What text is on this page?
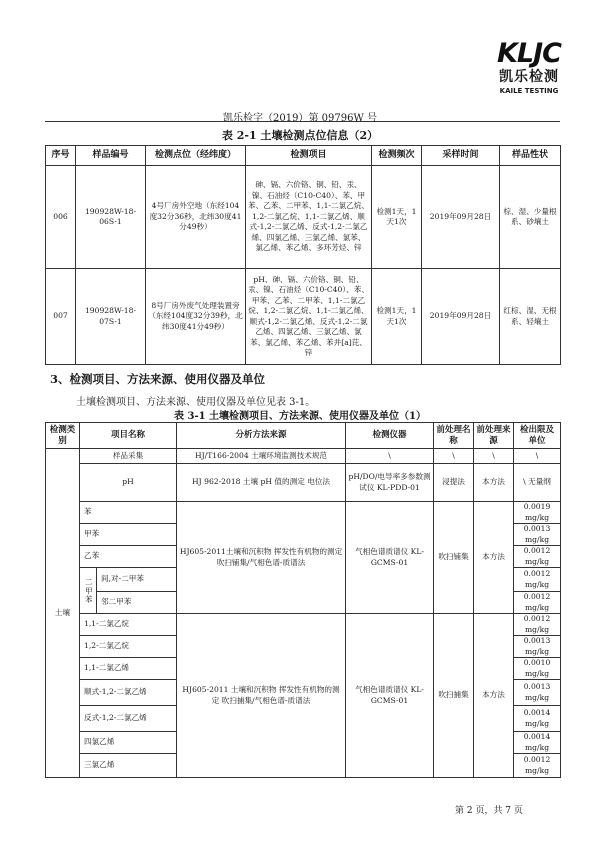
KLJC
凯乐检测
KAILE TESTING
凯乐检字（2019）第 09796W 号
表 2-1 土壤检测点位信息（2）
序号	样品编号	检测点位（经纬度）	检测项目	检测频次	采样时间	样品性状
006	190928W-18-06S-1	4号厂房外空地（东经104度32分36秒，北纬30度41分49秒）	砷、镉、六价铬、铜、铅、汞、镍、石油烃（C10-C40）、苯、甲苯、乙苯、二甲苯、1,1-二氯乙烷、1,2-二氯乙烷、1,1-二氯乙烯、顺式-1,2-二氯乙烯、反式-1,2-二氯乙烯、四氯乙烯、三氯乙烯、氯苯、氯乙烯、苯乙烯、多环芳烃、锌	检测1天，1天1次	2019年09月28日	棕、湿、少量根系、砂壤土
007	190928W-18-07S-1	8号厂房外废气处理装置旁（东经104度32分39秒，北纬30度41分49秒）	pH、砷、镉、六价铬、铜、铅、汞、镍、石油烃（C10-C40）、苯、甲苯、乙苯、二甲苯、1,1-二氯乙烷、1,2-二氯乙烷、1,1-二氯乙烯、顺式-1,2-二氯乙烯、反式-1,2-二氯乙烯、四氯乙烯、三氯乙烯、氯苯、氯乙烯、苯乙烯、苯并[a]芘、锌	检测1天，1天1次	2019年09月28日	红棕、湿、无根系、轻壤土
3、检测项目、方法来源、使用仪器及单位
土壤检测项目、方法来源、使用仪器及单位见表 3-1。
表 3-1 土壤检测项目、方法来源、使用仪器及单位（1）
检测类别	项目名称		分析方法来源	检测仪器	前处理名称	前处理来源	检出限及单位
土壤	样品采集		HJ/T166-2004 土壤环境监测技术规范	\	\	\	\
	pH		HJ 962-2018 土壤 pH 值的测定 电位法	pH/DO/电导率多参数测试仪 KL-PDD-01	浸提法	本方法	\ 无量纲
	苯		HJ605-2011土壤和沉积物 挥发性有机物的测定 吹扫铺集/气相色谱-质谱法	气相色谱质谱仪 KL-GCMS-01	吹扫铺集	本方法	0.0019 mg/kg
	甲苯						0.0013 mg/kg
	乙苯						0.0012 mg/kg
	二甲苯	间,对-二甲苯					0.0012 mg/kg
		邻二甲苯					0.0012 mg/kg
	1,1-二氯乙烷		HJ605-2011 土壤和沉积物 挥发性有机物的测定 吹扫捕集/气相色谱-质谱法	气相色谱质谱仪 KL-GCMS-01	吹扫捕集	本方法	0.0012 mg/kg
	1,2-二氯乙烷						0.0013 mg/kg
	1,1-二氯乙烯						0.0010 mg/kg
	顺式-1,2-二氯乙烯						0.0013 mg/kg
	反式-1,2-二氯乙烯						0.0014 mg/kg
	四氯乙烯						0.0014 mg/kg
	三氯乙烯						0.0012 mg/kg
第 2 页，共 7 页
